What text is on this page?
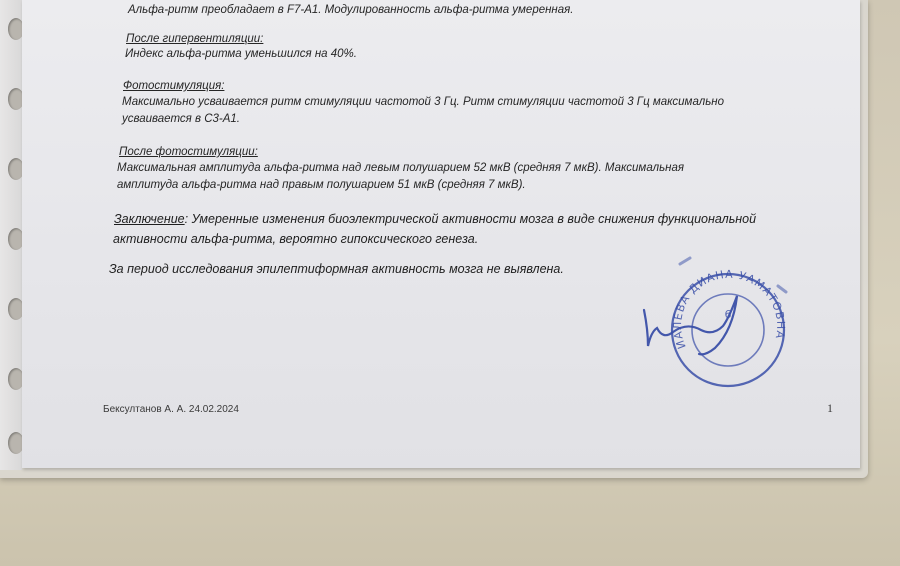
Альфа-ритм преобладает в F7-A1. Модулированность альфа-ритма умеренная.
После гипервентиляции:
Индекс альфа-ритма уменьшился на 40%.
Фотостимуляция:
Максимально усваивается ритм стимуляции частотой 3 Гц. Ритм стимуляции частотой 3 Гц максимально
усваивается в С3-А1.
После фотостимуляции:
Максимальная амплитуда альфа-ритма над левым полушарием 52 мкВ (средняя 7 мкВ). Максимальная
амплитуда альфа-ритма над правым полушарием 51 мкВ (средняя 7 мкВ).
Заключение: Умеренные изменения биоэлектрической активности мозга в виде снижения функциональной
активности альфа-ритма, вероятно гипоксического генеза.
За период исследования эпилептиформная активность мозга не выявлена.
Бексултанов А. А. 24.02.2024	1
ИАЛЕВА ДИАНА УАМАТОВНА
6
